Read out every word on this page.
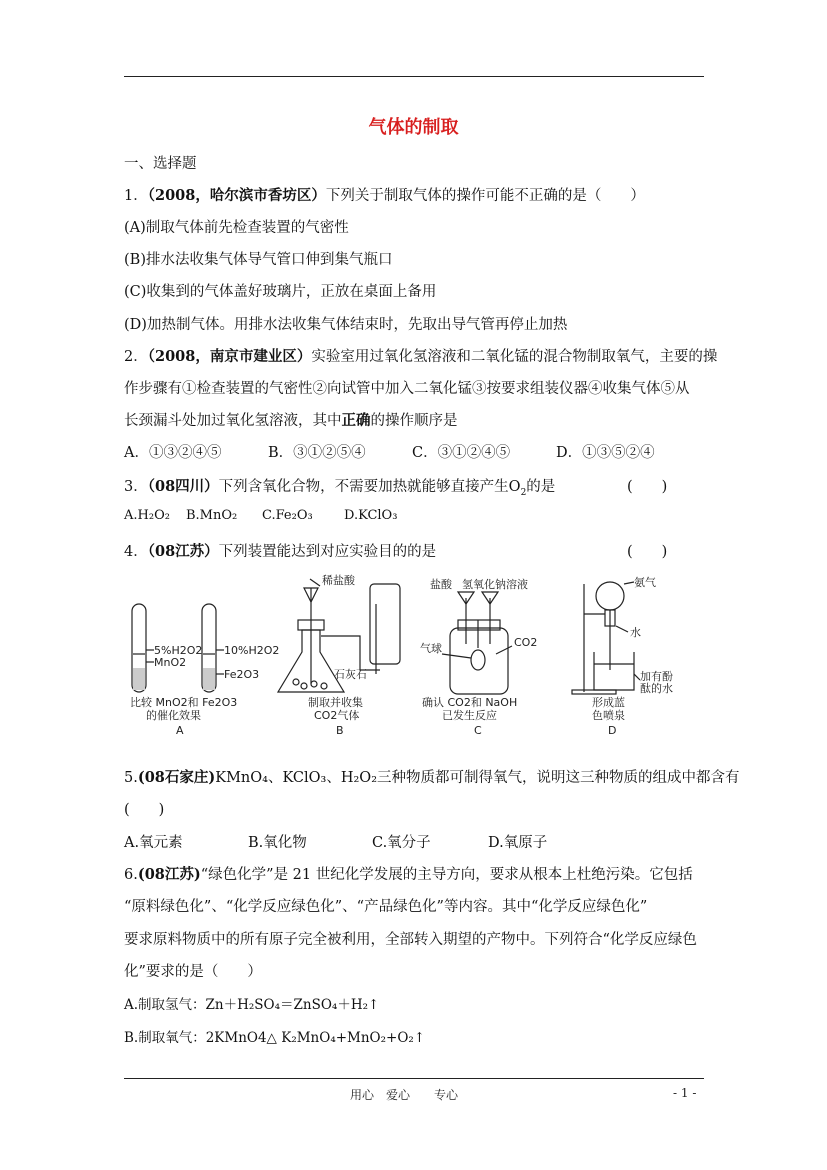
气体的制取
一、选择题
1．（2008，哈尔滨市香坊区）下列关于制取气体的操作可能不正确的是（　　）
(A)制取气体前先检查装置的气密性
(B)排水法收集气体导气管口伸到集气瓶口
(C)收集到的气体盖好玻璃片，正放在桌面上备用
(D)加热制气体。用排水法收集气体结束时，先取出导气管再停止加热
2．（2008，南京市建业区）实验室用过氧化氢溶液和二氧化锰的混合物制取氧气，主要的操
作步骤有①检查装置的气密性②向试管中加入二氧化锰③按要求组装仪器④收集气体⑤从
长颈漏斗处加过氧化氢溶液，其中正确的操作顺序是
A．①③②④⑤	B．③①②⑤④	C．③①②④⑤	D．①③⑤②④
3．（08四川）下列含氧化合物，不需要加热就能够直接产生$O_2$的是	(　　)
A.H₂O₂ B.MnO₂ C.Fe₂O₃ D.KClO₃
4．（08江苏）下列装置能达到对应实验目的的是	(　　)
5%H2O2
MnO2
10%H2O2
Fe2O3
比较 MnO2和 Fe2O3
的催化效果
A
稀盐酸
石灰石
制取并收集
CO2气体
B
盐酸 氢氧化钠溶液
气球	CO2
确认 CO2和 NaOH
已发生反应
C
氨气
水
加有酚
酞的水
形成蓝
色喷泉
D
5.(08石家庄)KMnO₄、KClO₃、H₂O₂三种物质都可制得氧气，说明这三种物质的组成中都含有
(　　)
A.氧元素	B.氧化物	C.氧分子	D.氧原子
6.(08江苏)“绿色化学”是 21 世纪化学发展的主导方向，要求从根本上杜绝污染。它包括
“原料绿色化”、“化学反应绿色化”、“产品绿色化”等内容。其中“化学反应绿色化”
要求原料物质中的所有原子完全被利用，全部转入期望的产物中。下列符合“化学反应绿色
化”要求的是（　　）
A.制取氢气：Zn＋H₂SO₄＝ZnSO₄＋H₂↑
B.制取氧气：2KMnO4△ K₂MnO₄+MnO₂+O₂↑
用心　爱心　　专心	- 1 -
